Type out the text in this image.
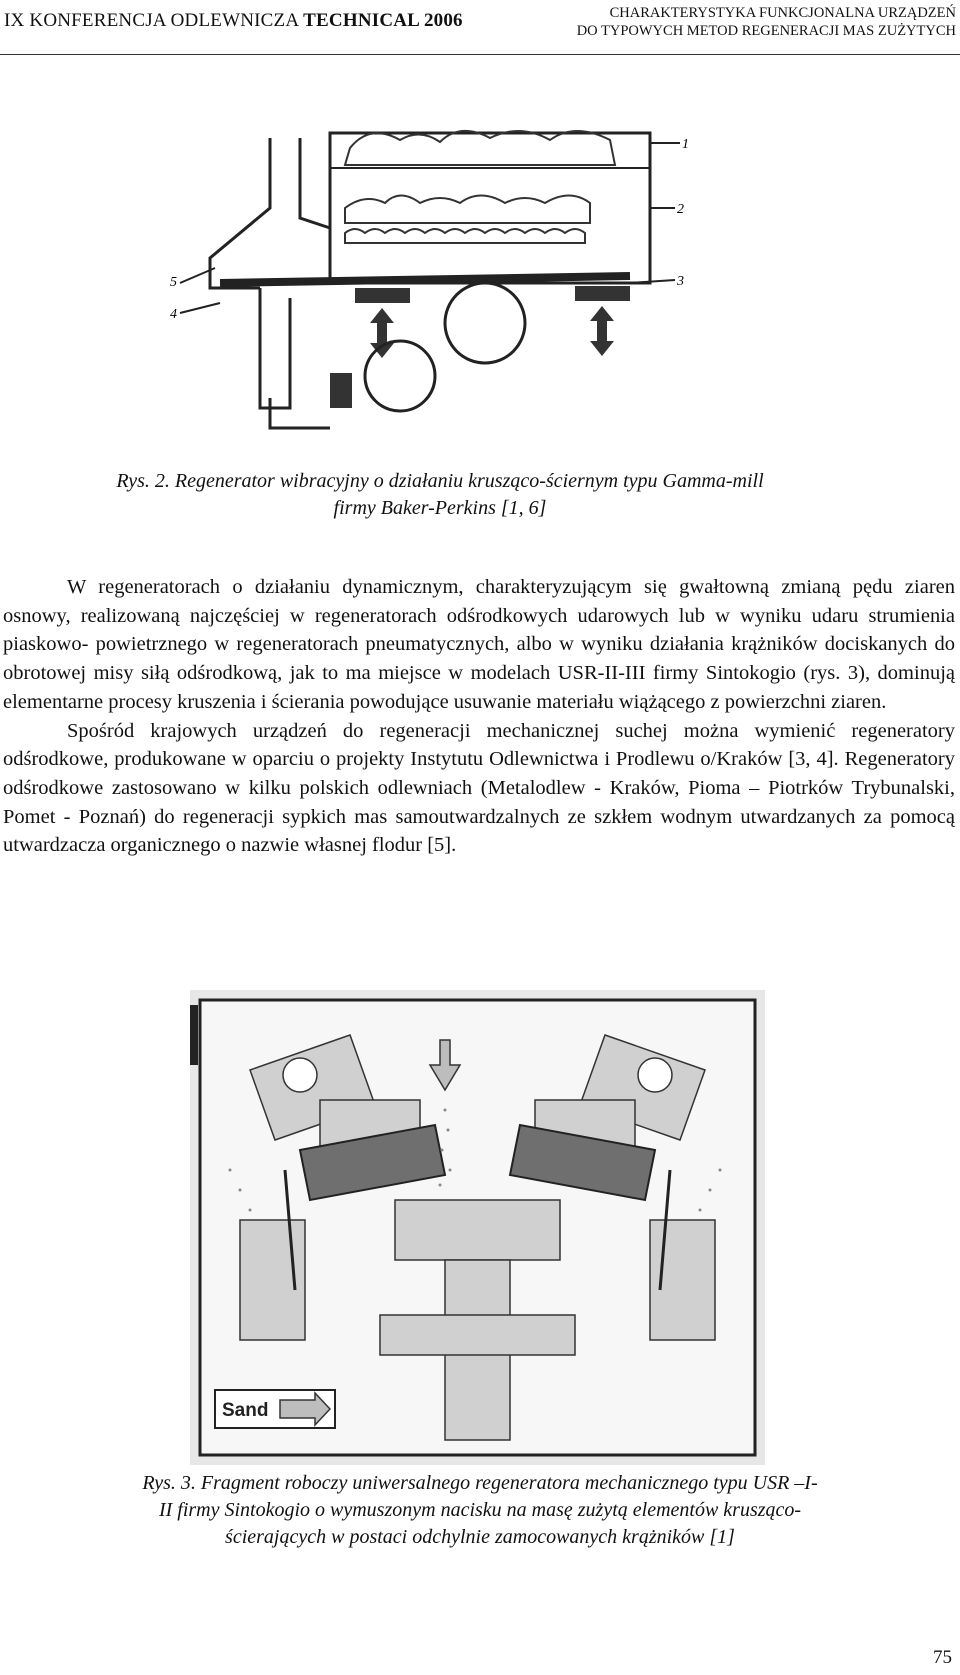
IX KONFERENCJA ODLEWNICZA TECHNICAL 2006	CHARAKTERYSTYKA FUNKCJONALNA URZĄDZEŃ
DO TYPOWYCH METOD REGENERACJI MAS ZUŻYTYCH
1
2
3
5
4
Rys. 2. Regenerator wibracyjny o działaniu krusząco-ściernym typu Gamma-mill
firmy Baker-Perkins [1, 6]

W regeneratorach o działaniu dynamicznym, charakteryzującym się gwałtowną zmianą pędu ziaren osnowy, realizowaną najczęściej w regeneratorach odśrodkowych udarowych lub w wyniku udaru strumienia piaskowo- powietrznego w regeneratorach pneumatycznych, albo w wyniku działania krążników dociskanych do obrotowej misy siłą odśrodkową, jak to ma miejsce w modelach USR-II-III firmy Sintokogio (rys. 3), dominują elementarne procesy kruszenia i ścierania powodujące usuwanie materiału wiążącego z powierzchni ziaren.

Spośród krajowych urządzeń do regeneracji mechanicznej suchej można wymienić regeneratory odśrodkowe, produkowane w oparciu o projekty Instytutu Odlewnictwa i Prodlewu o/Kraków [3, 4]. Regeneratory odśrodkowe zastosowano w kilku polskich odlewniach (Metalodlew - Kraków, Pioma – Piotrków Trybunalski, Pomet - Poznań) do regeneracji sypkich mas samoutwardzalnych ze szkłem wodnym utwardzanych za pomocą utwardzacza organicznego o nazwie własnej flodur [5].

Sand
Rys. 3. Fragment roboczy uniwersalnego regeneratora mechanicznego typu USR –I-
II firmy Sintokogio o wymuszonym nacisku na masę zużytą elementów krusząco-
ścierających w postaci odchylnie zamocowanych krążników [1]
75
